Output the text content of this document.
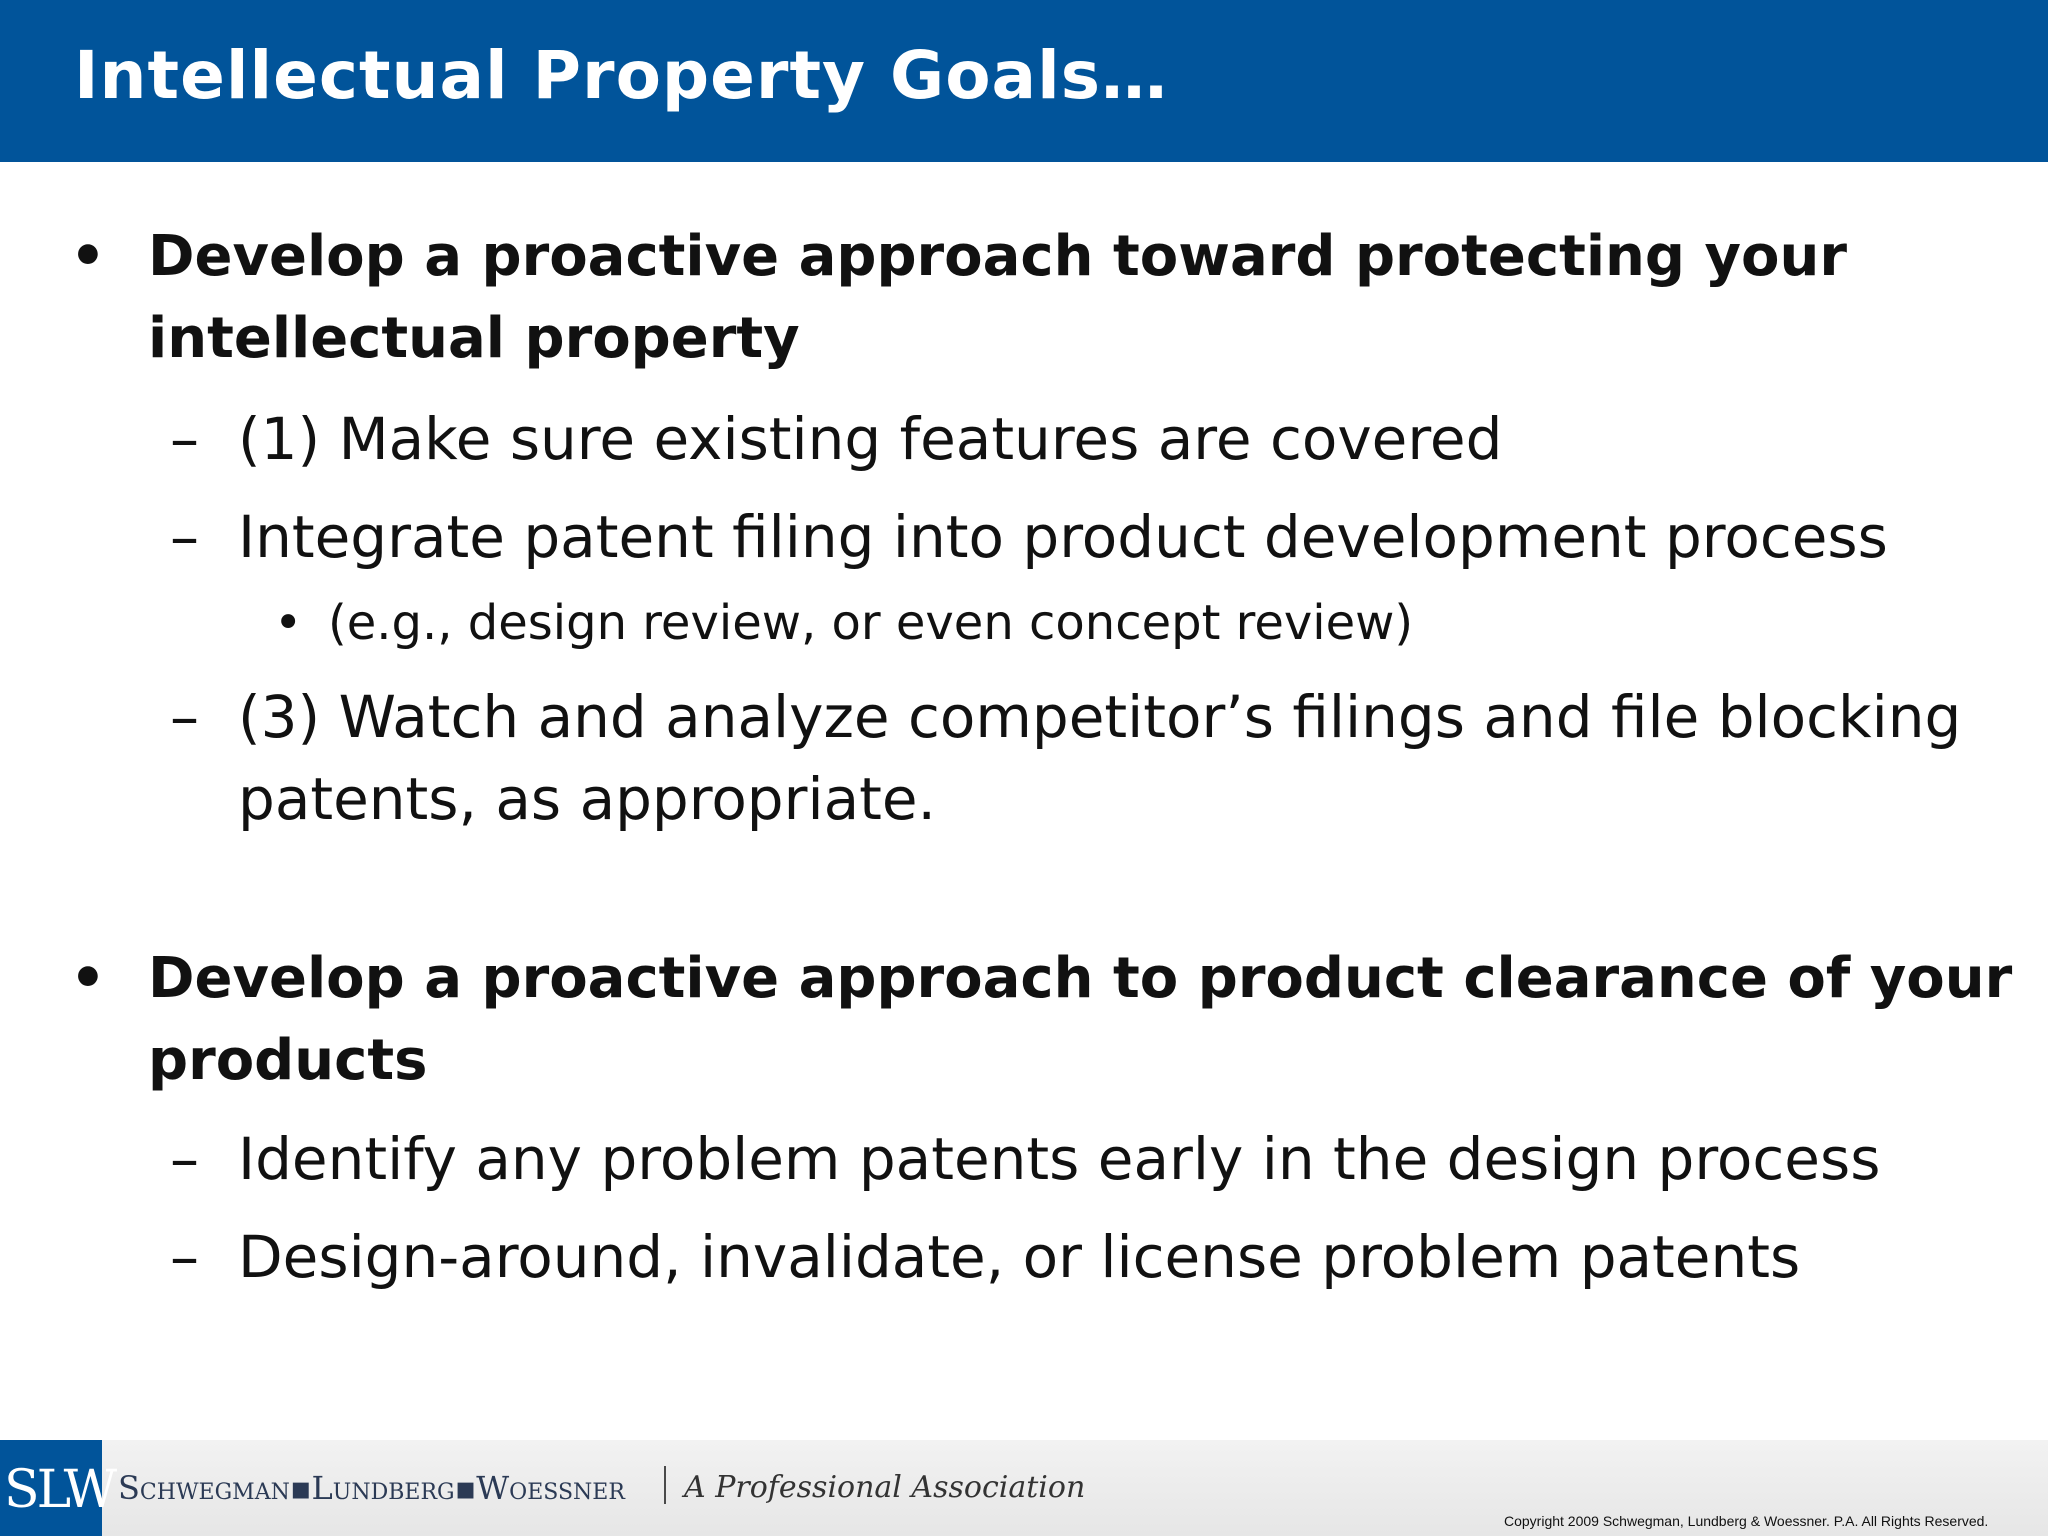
Intellectual Property Goals…
• Develop a proactive approach toward protecting your
intellectual property
– (1) Make sure existing features are covered
– Integrate patent filing into product development process
• (e.g., design review, or even concept review)
– (3) Watch and analyze competitor’s filings and file blocking
patents, as appropriate.
• Develop a proactive approach to product clearance of your
products
– Identify any problem patents early in the design process
– Design-around, invalidate, or license problem patents
SLW Schwegman▪Lundberg▪Woessner A Professional Association
Copyright 2009 Schwegman, Lundberg & Woessner. P.A. All Rights Reserved.
